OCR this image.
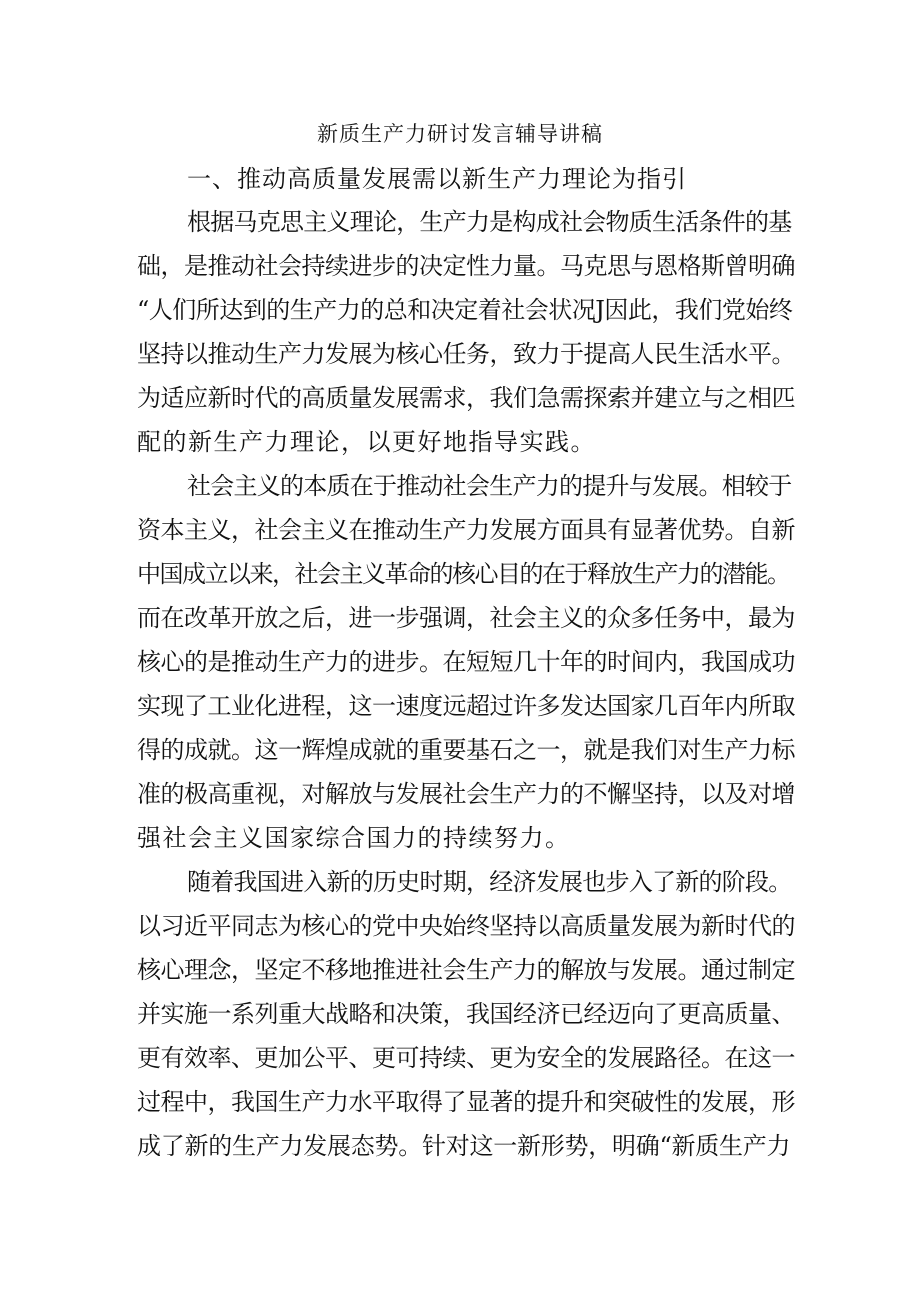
新质生产力研讨发言辅导讲稿
一、推动高质量发展需以新生产力理论为指引
根据马克思主义理论，生产力是构成社会物质生活条件的基
础，是推动社会持续进步的决定性力量。马克思与恩格斯曾明确
“人们所达到的生产力的总和决定着社会状况J因此，我们党始终
坚持以推动生产力发展为核心任务，致力于提高人民生活水平。
为适应新时代的高质量发展需求，我们急需探索并建立与之相匹
配的新生产力理论，以更好地指导实践。
社会主义的本质在于推动社会生产力的提升与发展。相较于
资本主义，社会主义在推动生产力发展方面具有显著优势。自新
中国成立以来，社会主义革命的核心目的在于释放生产力的潜能。
而在改革开放之后，进一步强调，社会主义的众多任务中，最为
核心的是推动生产力的进步。在短短几十年的时间内，我国成功
实现了工业化进程，这一速度远超过许多发达国家几百年内所取
得的成就。这一辉煌成就的重要基石之一，就是我们对生产力标
准的极高重视，对解放与发展社会生产力的不懈坚持，以及对增
强社会主义国家综合国力的持续努力。
随着我国进入新的历史时期，经济发展也步入了新的阶段。
以习近平同志为核心的党中央始终坚持以高质量发展为新时代的
核心理念，坚定不移地推进社会生产力的解放与发展。通过制定
并实施一系列重大战略和决策，我国经济已经迈向了更高质量、
更有效率、更加公平、更可持续、更为安全的发展路径。在这一
过程中，我国生产力水平取得了显著的提升和突破性的发展，形
成了新的生产力发展态势。针对这一新形势，明确“新质生产力
